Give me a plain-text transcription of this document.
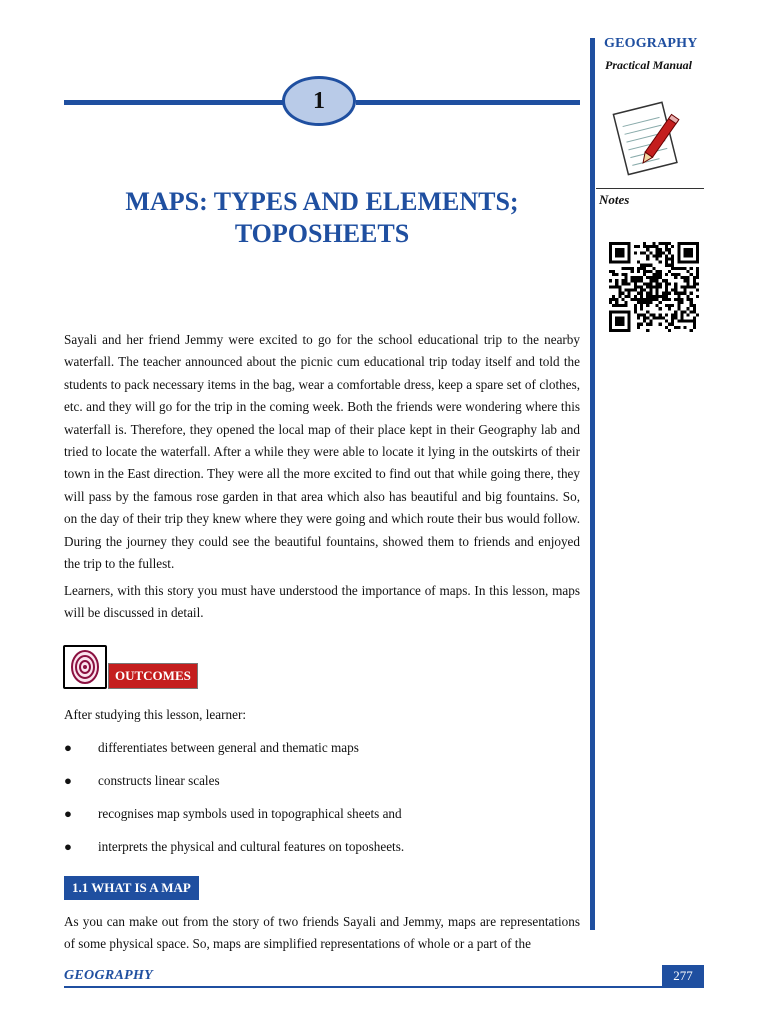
GEOGRAPHY
Practical Manual
Notes
1
MAPS: TYPES AND ELEMENTS;
TOPOSHEETS
Sayali and her friend Jemmy were excited to go for the school educational trip to the nearby waterfall. The teacher announced about the picnic cum educational trip today itself and told the students to pack necessary items in the bag, wear a comfortable dress, keep a spare set of clothes, etc. and they will go for the trip in the coming week. Both the friends were wondering where this waterfall is. Therefore, they opened the local map of their place kept in their Geography lab and tried to locate the waterfall. After a while they were able to locate it lying in the outskirts of their town in the East direction. They were all the more excited to find out that while going there, they will pass by the famous rose garden in that area which also has beautiful and big fountains. So, on the day of their trip they knew where they were going and which route their bus would follow. During the journey they could see the beautiful fountains, showed them to friends and enjoyed the trip to the fullest.
Learners, with this story you must have understood the importance of maps. In this lesson, maps will be discussed in detail.
OUTCOMES
After studying this lesson, learner:
● differentiates between general and thematic maps
● constructs linear scales
● recognises map symbols used in topographical sheets and
● interprets the physical and cultural features on toposheets.
1.1 WHAT IS A MAP
As you can make out from the story of two friends Sayali and Jemmy, maps are representations of some physical space. So, maps are simplified representations of whole or a part of the
GEOGRAPHY	277
